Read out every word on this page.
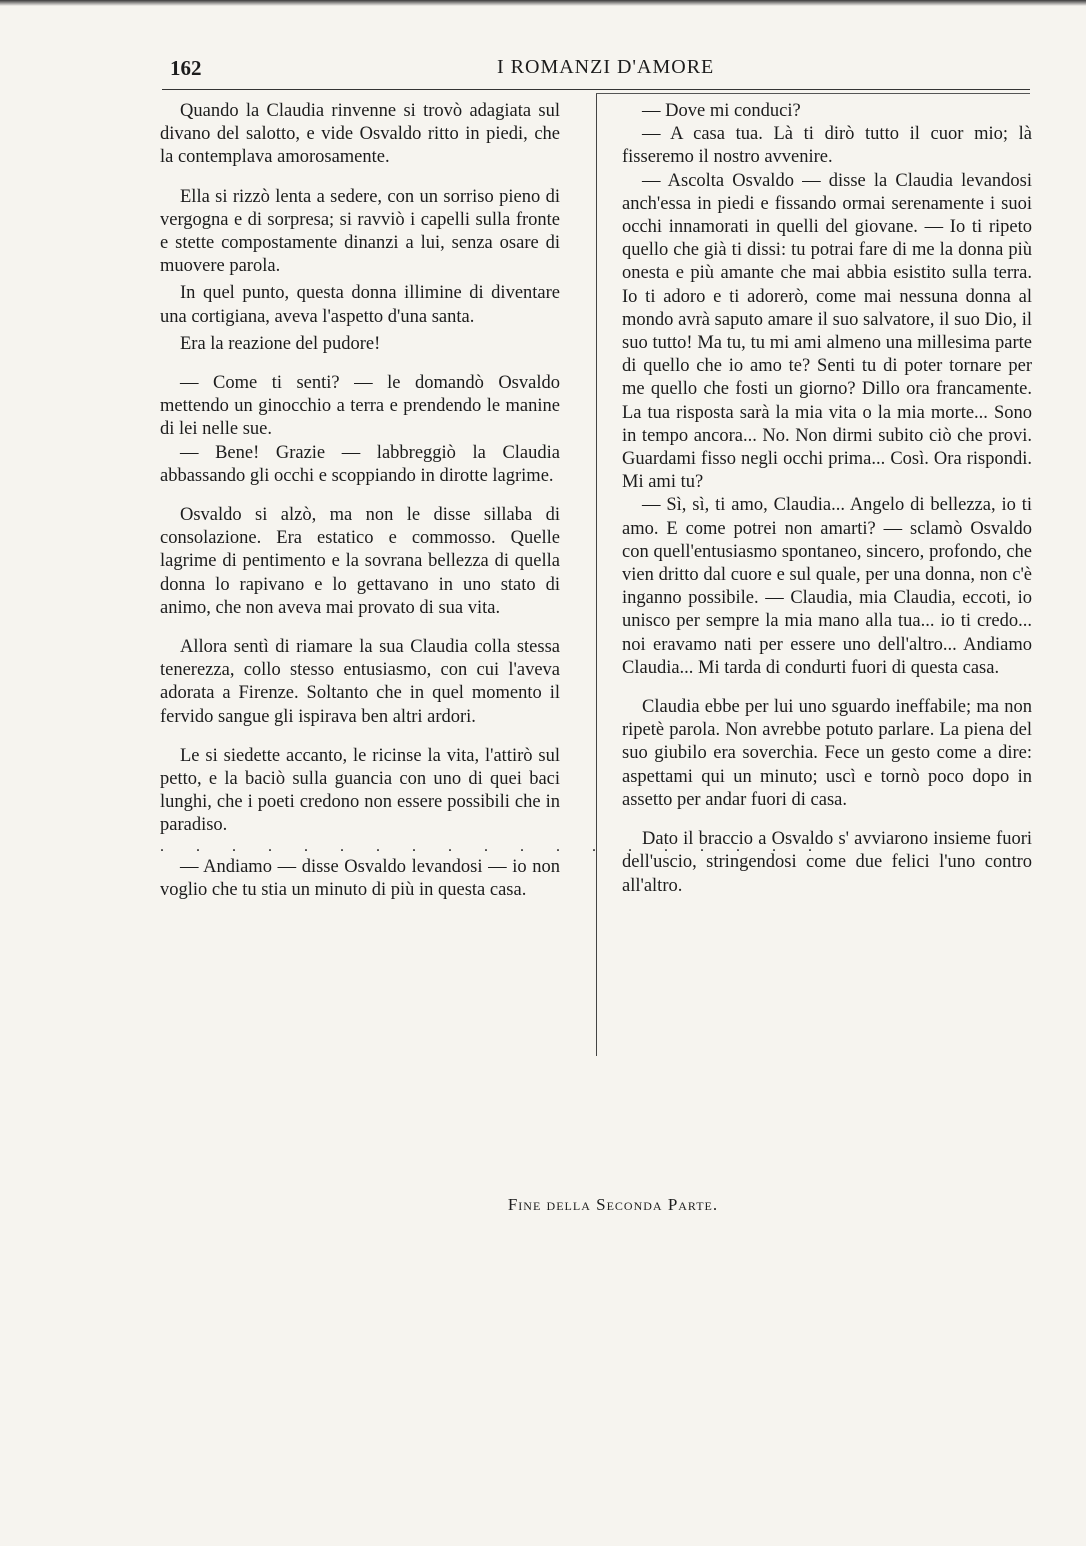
162	I ROMANZI D'AMORE

Quando la Claudia rinvenne si trovò adagiata sul divano del salotto, e vide Osvaldo ritto in piedi, che la contemplava amorosamente.

Ella si rizzò lenta a sedere, con un sorriso pieno di vergogna e di sorpresa; si ravviò i capelli sulla fronte e stette compostamente dinanzi a lui, senza osare di muovere parola.

In quel punto, questa donna illimine di diventare una cortigiana, aveva l'aspetto d'una santa.

Era la reazione del pudore!

— Come ti senti? — le domandò Osvaldo mettendo un ginocchio a terra e prendendo le manine di lei nelle sue.

— Bene! Grazie — labbreggiò la Claudia abbassando gli occhi e scoppiando in dirotte lagrime.

Osvaldo si alzò, ma non le disse sillaba di consolazione. Era estatico e commosso. Quelle lagrime di pentimento e la sovrana bellezza di quella donna lo rapivano e lo gettavano in uno stato di animo, che non aveva mai provato di sua vita.

Allora sentì di riamare la sua Claudia colla stessa tenerezza, collo stesso entusiasmo, con cui l'aveva adorata a Firenze. Soltanto che in quel momento il fervido sangue gli ispirava ben altri ardori.

Le si siedette accanto, le ricinse la vita, l'attirò sul petto, e la baciò sulla guancia con uno di quei baci lunghi, che i poeti credono non essere possibili che in paradiso.

. . . . . . . . . . . . . . . . . . .

— Andiamo — disse Osvaldo levandosi — io non voglio che tu stia un minuto di più in questa casa.

— Dove mi conduci?

— A casa tua. Là ti dirò tutto il cuor mio; là fisseremo il nostro avvenire.

— Ascolta Osvaldo — disse la Claudia levandosi anch'essa in piedi e fissando ormai serenamente i suoi occhi innamorati in quelli del giovane. — Io ti ripeto quello che già ti dissi: tu potrai fare di me la donna più onesta e più amante che mai abbia esistito sulla terra. Io ti adoro e ti adorerò, come mai nessuna donna al mondo avrà saputo amare il suo salvatore, il suo Dio, il suo tutto! Ma tu, tu mi ami almeno una millesima parte di quello che io amo te? Senti tu di poter tornare per me quello che fosti un giorno? Dillo ora francamente. La tua risposta sarà la mia vita o la mia morte... Sono in tempo ancora... No. Non dirmi subito ciò che provi. Guardami fisso negli occhi prima... Così. Ora rispondi. Mi ami tu?

— Sì, sì, ti amo, Claudia... Angelo di bellezza, io ti amo. E come potrei non amarti? — sclamò Osvaldo con quell'entusiasmo spontaneo, sincero, profondo, che vien dritto dal cuore e sul quale, per una donna, non c'è inganno possibile. — Claudia, mia Claudia, eccoti, io unisco per sempre la mia mano alla tua... io ti credo... noi eravamo nati per essere uno dell'altro... Andiamo Claudia... Mi tarda di condurti fuori di questa casa.

Claudia ebbe per lui uno sguardo ineffabile; ma non ripetè parola. Non avrebbe potuto parlare. La piena del suo giubilo era soverchia. Fece un gesto come a dire: aspettami qui un minuto; uscì e tornò poco dopo in assetto per andar fuori di casa.

Dato il braccio a Osvaldo s' avviarono insieme fuori dell'uscio, stringendosi come due felici l'uno contro all'altro.

Fine della Seconda Parte.
